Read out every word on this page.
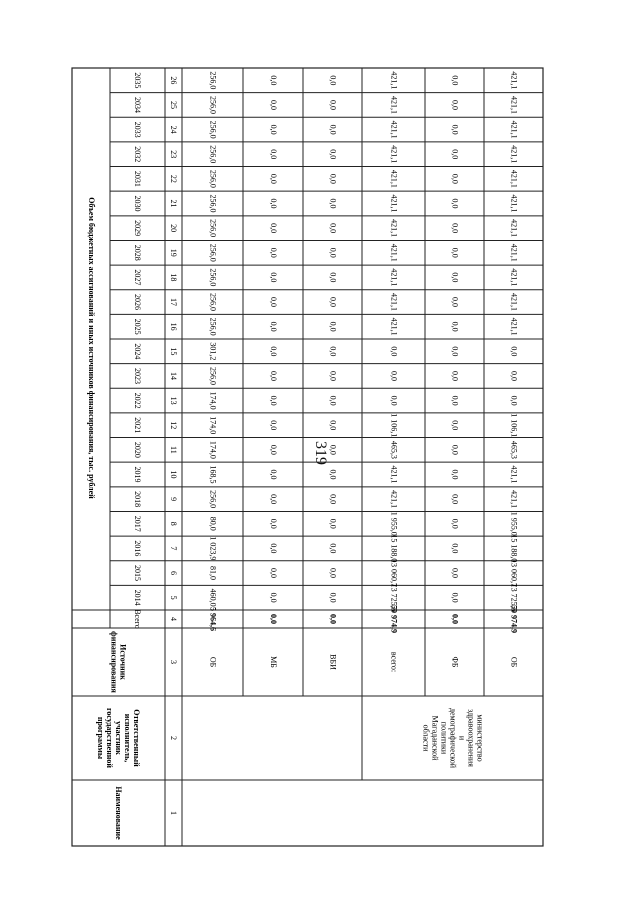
319
Объем бюджетных ассигнований и иных источников финансирования, тыс. рублей
Всего
2014
2015
2016
2017
2018
2019
2020
2021
2022
2023
2024
2025
2026
2027
2028
2029
2030
2031
2032
2033
2034
2035
4
5
6
7
8
9
10
11
12
13
14
15
16
17
18
19
20
21
22
23
24
25
26
3
2
1
Источник
финансирования
Ответственный
исполнитель,
участник
государственной
программы
Наименование
ОБ
5 964,6
460,0
81,0
1 023,9
80,0
256,0
168,5
174,0
174,0
174,0
256,0
301,2
256,0
256,0
256,0
256,0
256,0
256,0
256,0
256,0
256,0
256,0
256,0
МБ
0,0
0,0
0,0
0,0
0,0
0,0
0,0
0,0
0,0
0,0
0,0
0,0
0,0
0,0
0,0
0,0
0,0
0,0
0,0
0,0
0,0
0,0
0,0
ВБИ
0,0
0,0
0,0
0,0
0,0
0,0
0,0
0,0
0,0
0,0
0,0
0,0
0,0
0,0
0,0
0,0
0,0
0,0
0,0
0,0
0,0
0,0
0,0
всего:
50 974,9
13 725,5
13 060,7
15 188,0
1 955,0
421,1
421,1
465,3
1 106,1
0,0
0,0
0,0
421,1
421,1
421,1
421,1
421,1
421,1
421,1
421,1
421,1
421,1
421,1
ФБ
0,0
0,0
0,0
0,0
0,0
0,0
0,0
0,0
0,0
0,0
0,0
0,0
0,0
0,0
0,0
0,0
0,0
0,0
0,0
0,0
0,0
0,0
0,0
ОБ
50 974,9
13 725,5
13 060,7
15 188,0
1 955,0
421,1
421,1
465,3
1 106,1
0,0
0,0
0,0
421,1
421,1
421,1
421,1
421,1
421,1
421,1
421,1
421,1
421,1
421,1
министерство
здравоохранения
и
демографической
политики
Магаданской
области
